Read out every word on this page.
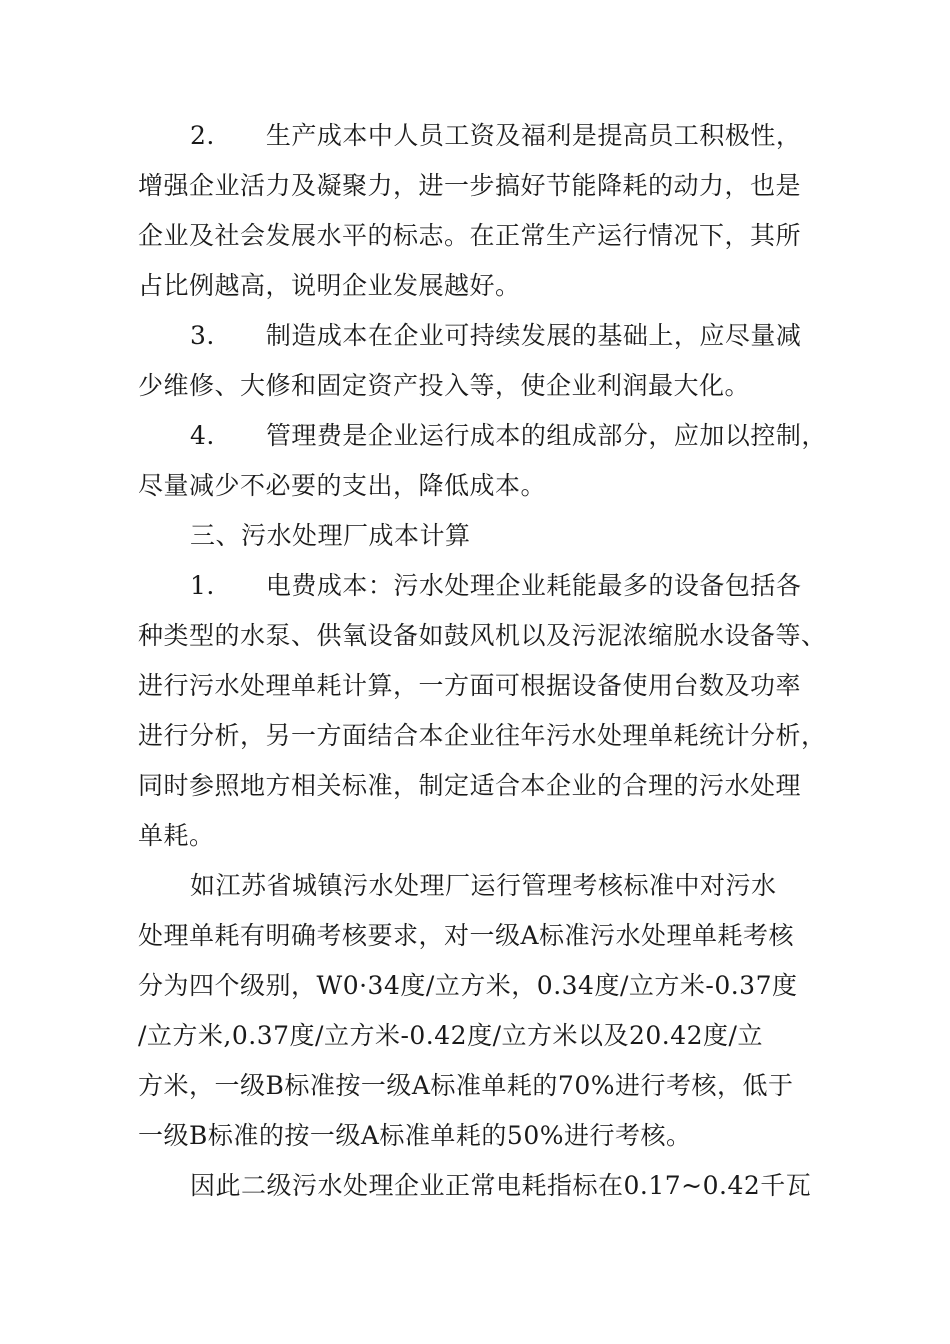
2.　　生产成本中人员工资及福利是提高员工积极性，
增强企业活力及凝聚力，进一步搞好节能降耗的动力，也是
企业及社会发展水平的标志。在正常生产运行情况下，其所
占比例越高，说明企业发展越好。
3.　　制造成本在企业可持续发展的基础上，应尽量减
少维修、大修和固定资产投入等，使企业利润最大化。
4.　　管理费是企业运行成本的组成部分，应加以控制，
尽量减少不必要的支出，降低成本。
三、污水处理厂成本计算
1.　　电费成本：污水处理企业耗能最多的设备包括各
种类型的水泵、供氧设备如鼓风机以及污泥浓缩脱水设备等、
进行污水处理单耗计算，一方面可根据设备使用台数及功率
进行分析，另一方面结合本企业往年污水处理单耗统计分析，
同时参照地方相关标准，制定适合本企业的合理的污水处理
单耗。
如江苏省城镇污水处理厂运行管理考核标准中对污水
处理单耗有明确考核要求，对一级A标准污水处理单耗考核
分为四个级别，W0·34度/立方米，0.34度/立方米-0.37度
/立方米,0.37度/立方米-0.42度/立方米以及20.42度/立
方米，一级B标准按一级A标准单耗的70%进行考核，低于
一级B标准的按一级A标准单耗的50%进行考核。
因此二级污水处理企业正常电耗指标在0.17~0.42千瓦
